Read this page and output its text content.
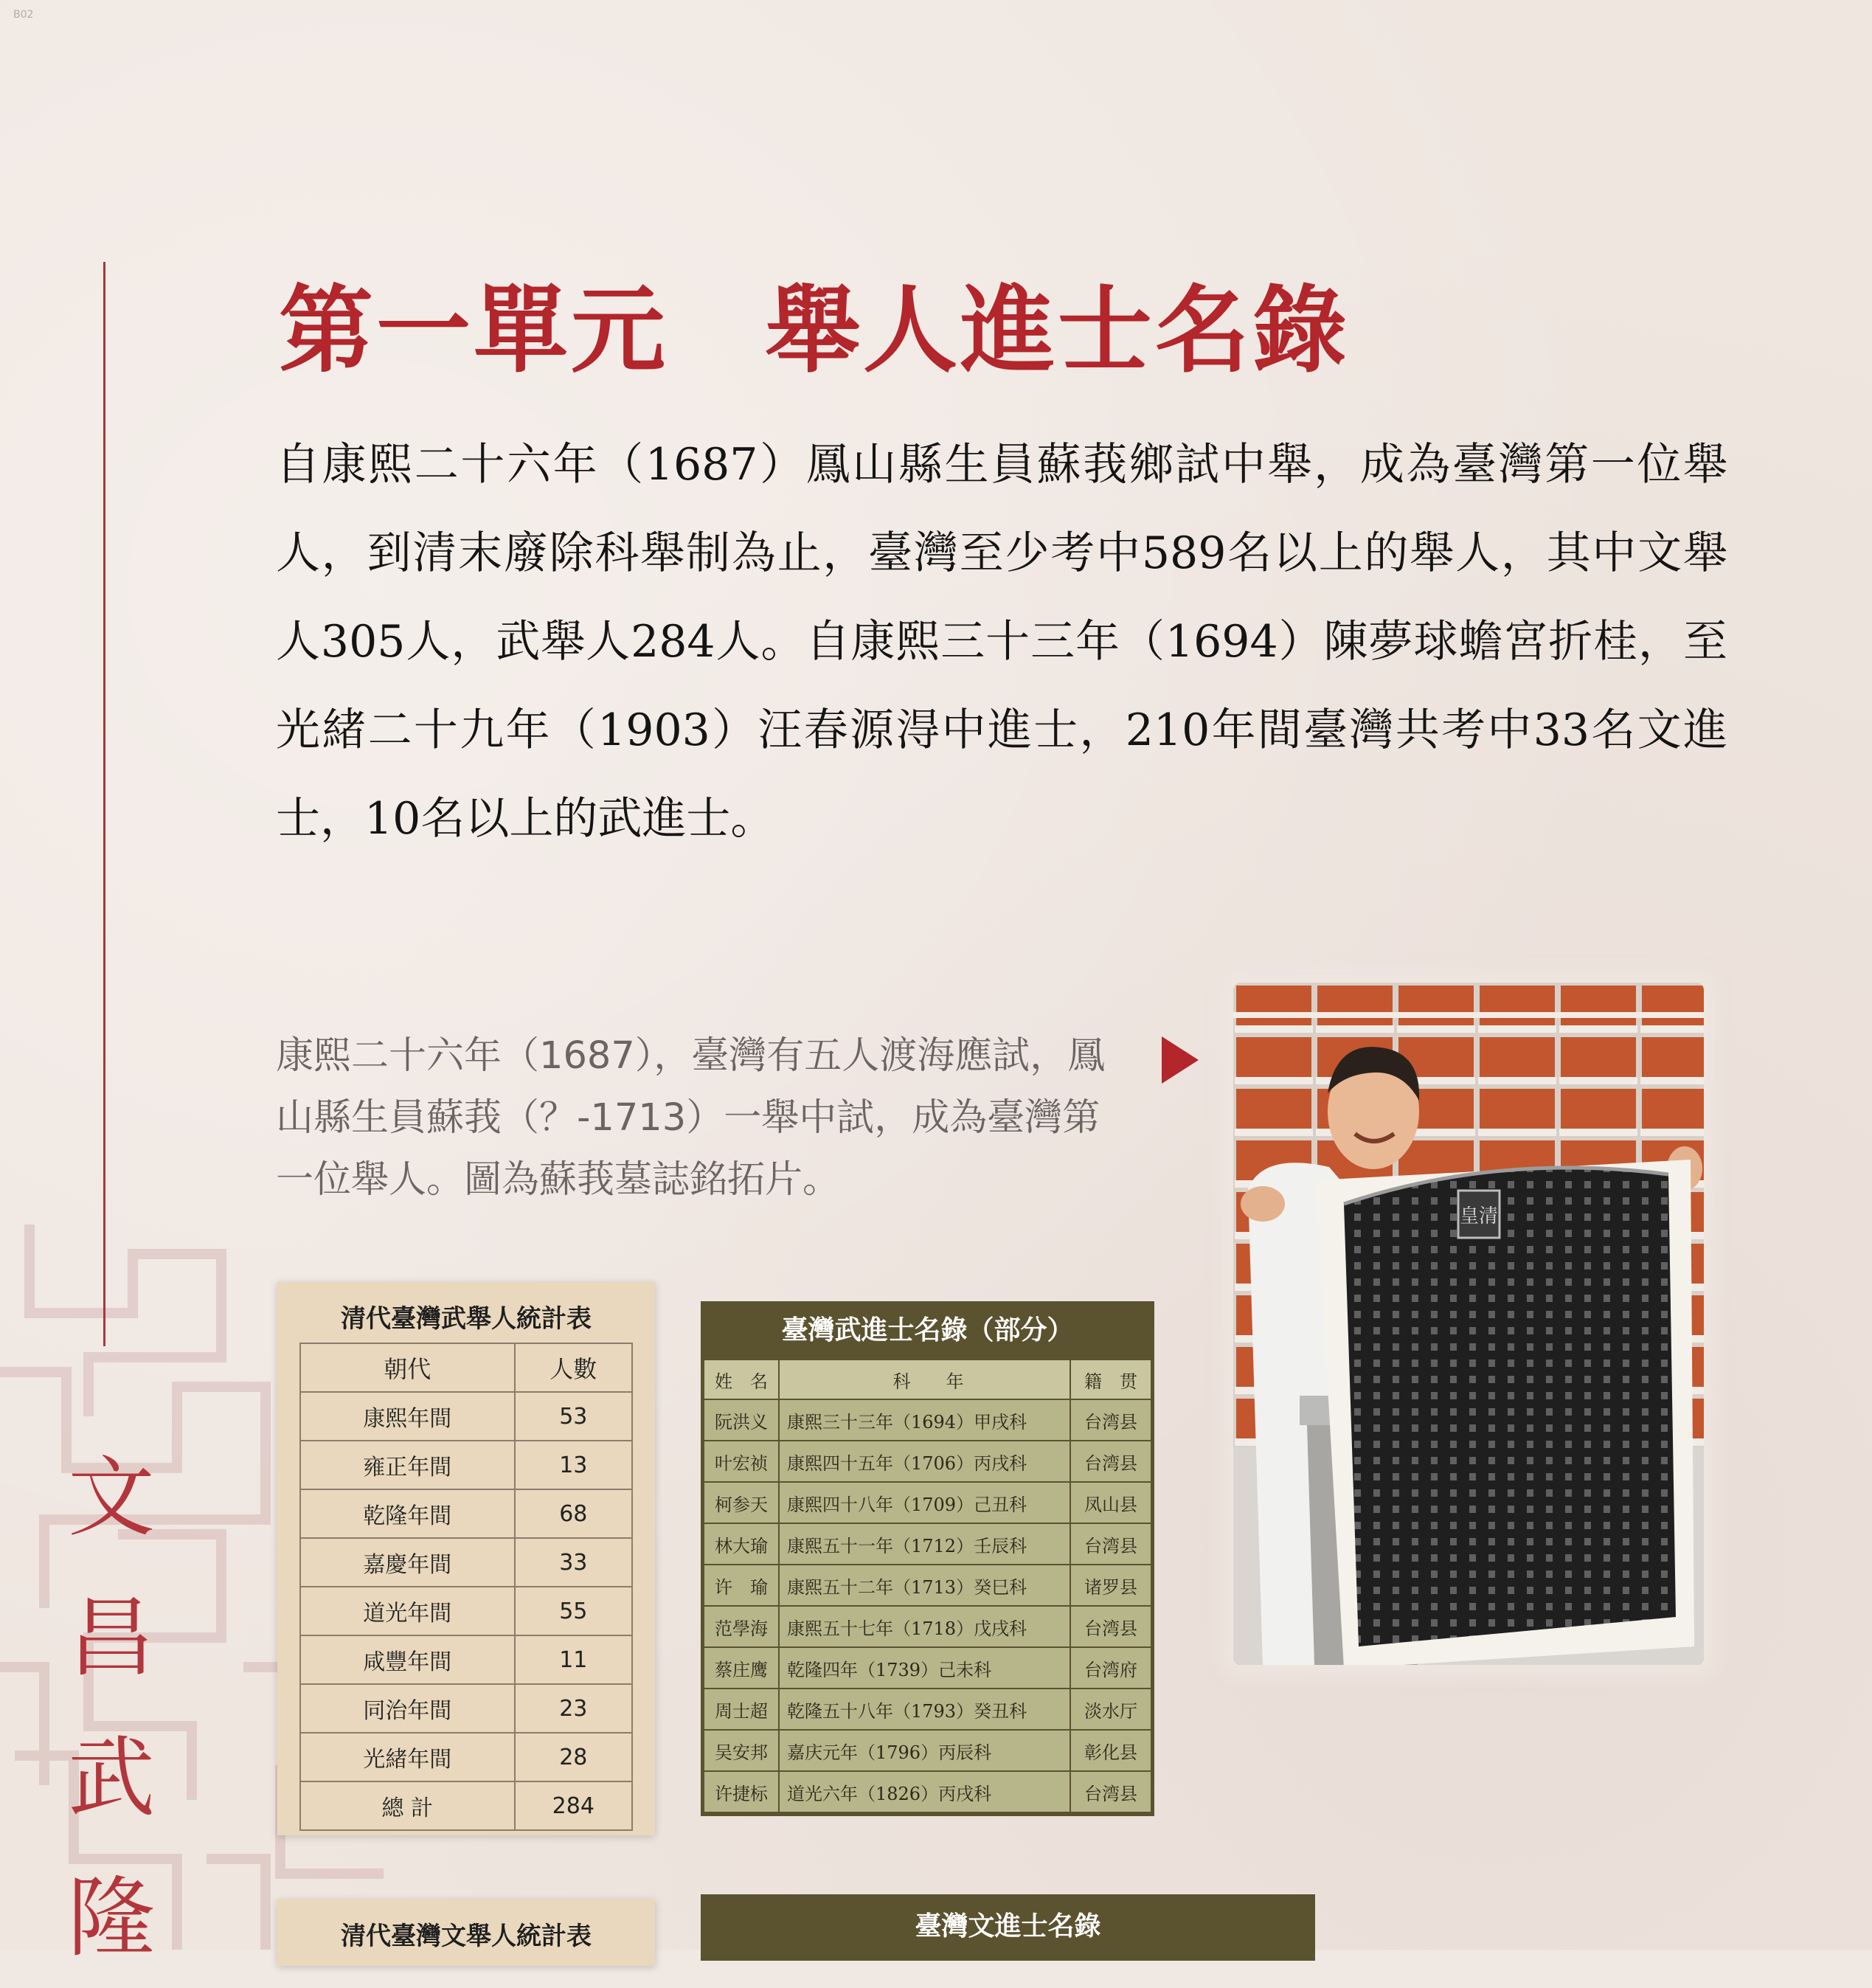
B02
文
昌
武
隆
第一單元　舉人進士名錄

自康熙二十六年（1687）鳳山縣生員蘇莪鄉試中舉，成為臺灣第一位舉人，到清末廢除科舉制為止，臺灣至少考中589名以上的舉人，其中文舉人305人，武舉人284人。自康熙三十三年（1694）陳夢球蟾宮折桂，至光緒二十九年（1903）汪春源淂中進士，210年間臺灣共考中33名文進士，10名以上的武進士。

康熙二十六年（1687），臺灣有五人渡海應試，鳳山縣生員蘇莪（？-1713）一舉中試，成為臺灣第一位舉人。圖為蘇莪墓誌銘拓片。

皇清
清代臺灣武舉人統計表
朝代	人數
康熙年間	53
雍正年間	13
乾隆年間	68
嘉慶年間	33
道光年間	55
咸豐年間	11
同治年間	23
光緒年間	28
總 計	284
臺灣武進士名錄（部分）
姓　名	科　　年	籍　贯
阮洪义	康熙三十三年（1694）甲戌科	台湾县
叶宏祯	康熙四十五年（1706）丙戌科	台湾县
柯参天	康熙四十八年（1709）己丑科	凤山县
林大瑜	康熙五十一年（1712）壬辰科	台湾县
许　瑜	康熙五十二年（1713）癸巳科	诸罗县
范學海	康熙五十七年（1718）戊戌科	台湾县
蔡庄鹰	乾隆四年（1739）己未科	台湾府
周士超	乾隆五十八年（1793）癸丑科	淡水厅
吴安邦	嘉庆元年（1796）丙辰科	彰化县
许捷标	道光六年（1826）丙戌科	台湾县
清代臺灣文舉人統計表	臺灣文進士名錄
